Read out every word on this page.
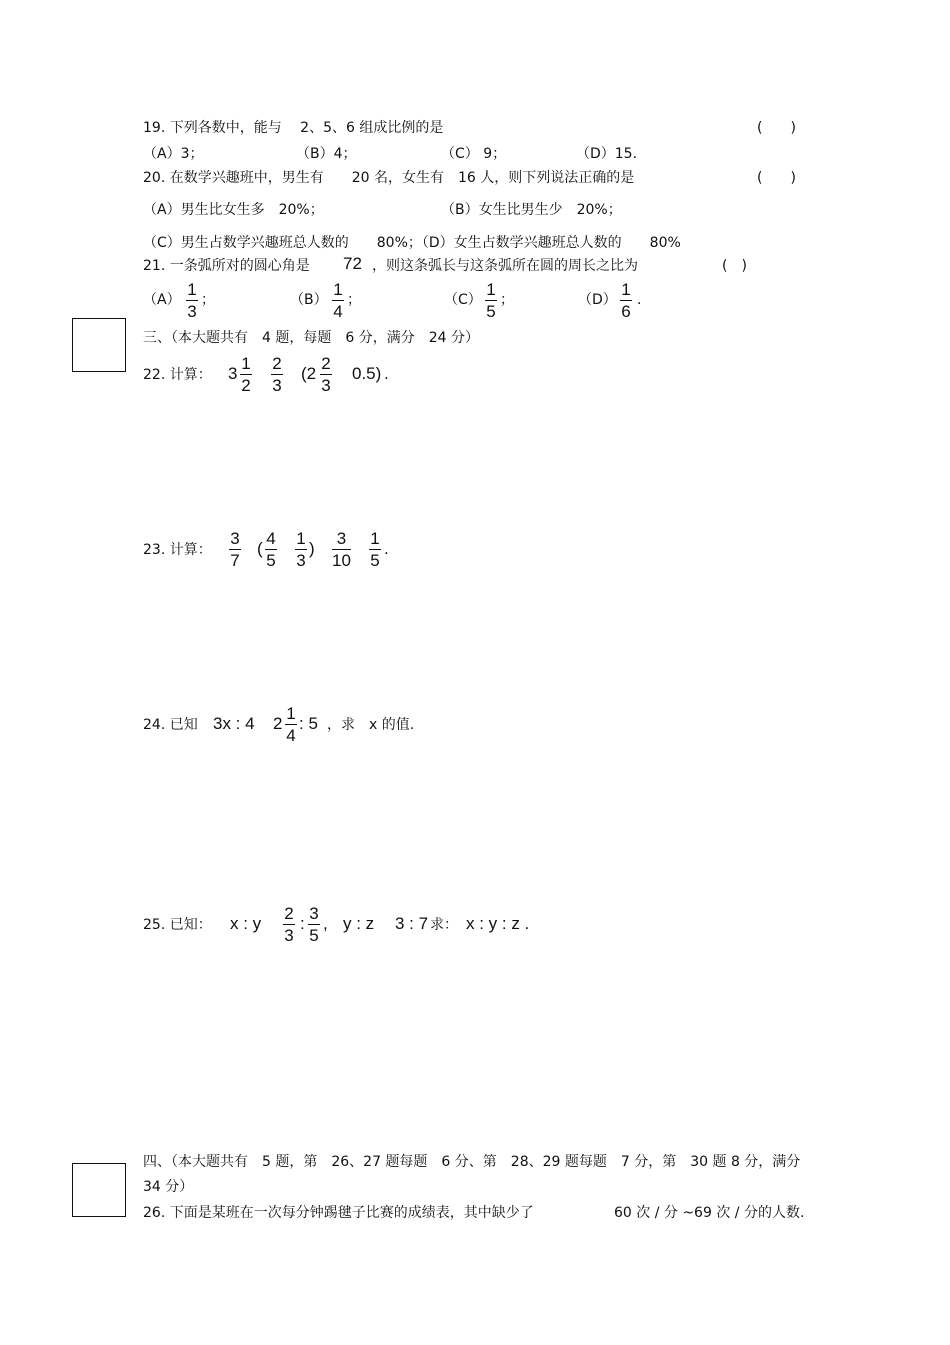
19. 下列各数中，能与　 2、5、6 组成比例的是	(　　)
（A）3；	（B）4；	（C） 9；	（D）15．
20. 在数学兴趣班中，男生有　　20 名，女生有　16 人，则下列说法正确的是	(　　)
（A）男生比女生多　20%；	（B）女生比男生少　20%；
（C）男生占数学兴趣班总人数的　　80%；（D）女生占数学兴趣班总人数的　　80%
21. 一条弧所对的圆心角是 72 ，则这条弧长与这条弧所在圆的周长之比为	(　)
（A）
1
3
；	（B）
1
4
；	（C）
1
5
；	（D）
1
6
.
三、（本大题共有　4 题，每题　6 分，满分　24 分）
22. 计算： 3
1
2
2
3
(2
2
3
0.5) .
23. 计算：
3
7
(
4
5
1
3
)
3
10
1
5
.
24. 已知 3x : 4 2
1
4
: 5 ，求　x 的值.
25. 已知： x : y
2
3
:
3
5
, y : z 3 : 7 求： x : y : z .
四、（本大题共有　5 题，第　26、27 题每题　6 分、第　28、29 题每题　7 分，第　30 题 8 分，满分
34 分）
26. 下面是某班在一次每分钟踢毽子比赛的成绩表，其中缺少了	60 次 / 分 ~69 次 / 分的人数.
